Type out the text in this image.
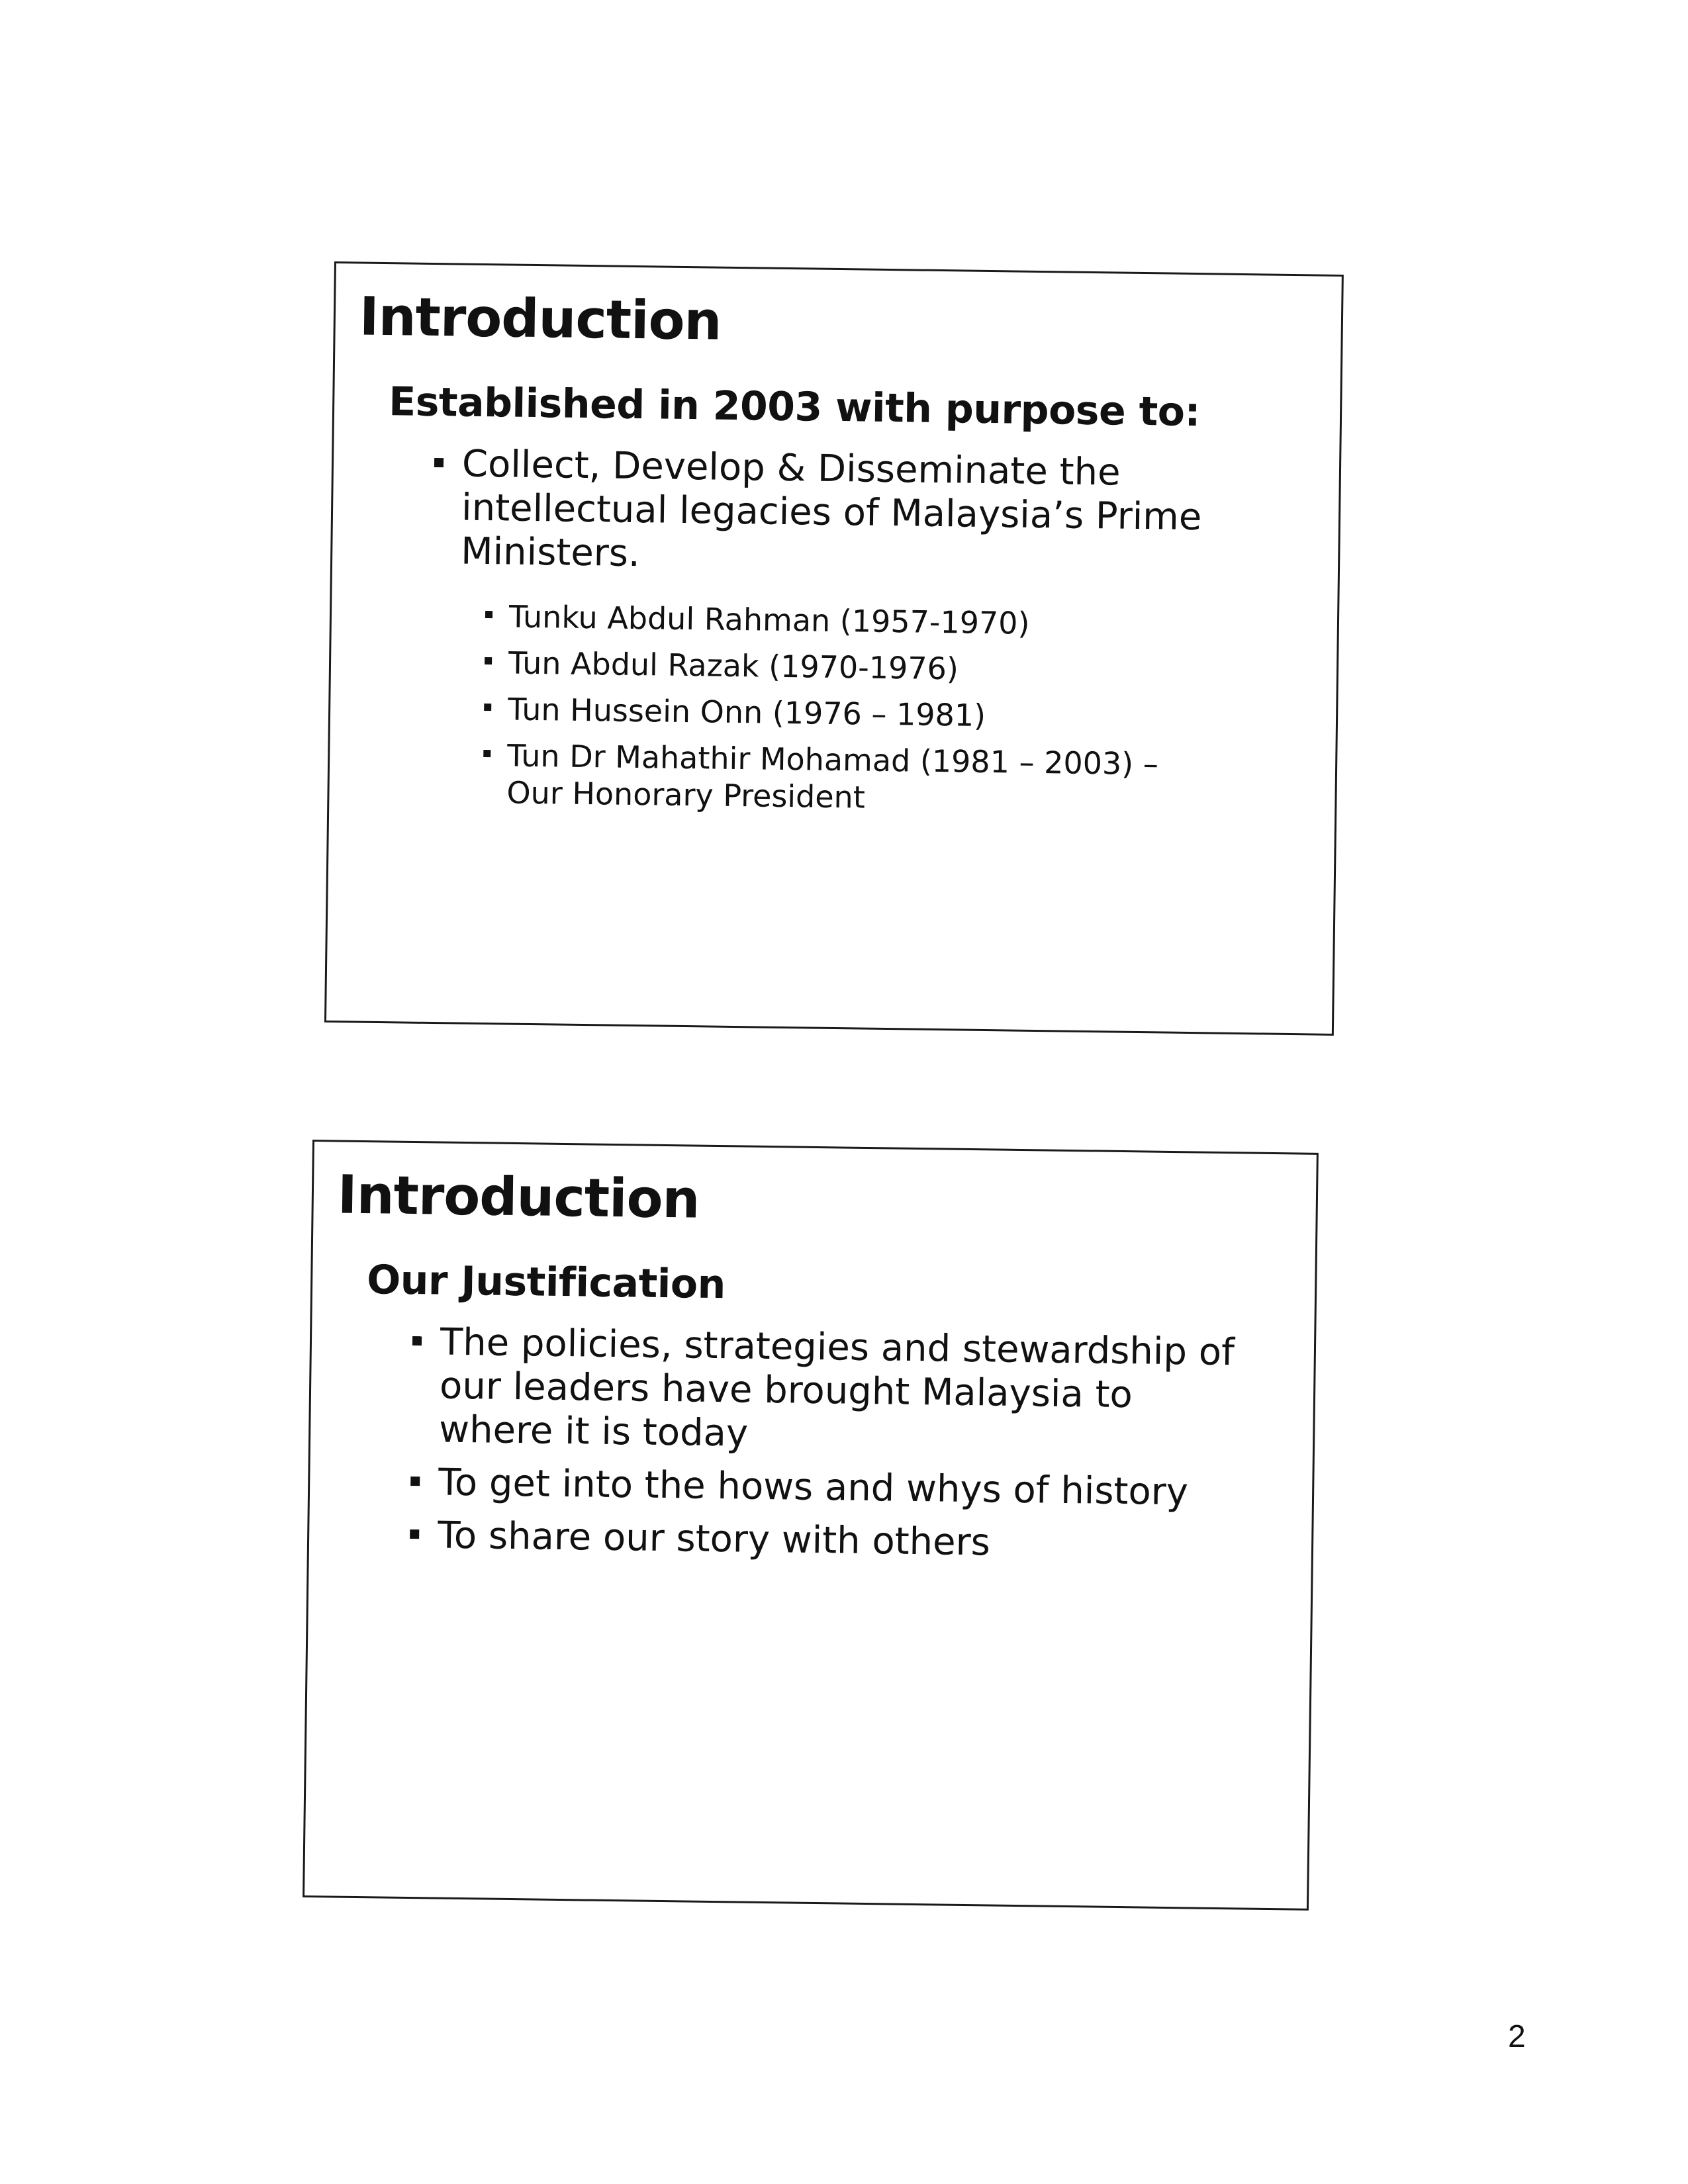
Introduction
Established in 2003 with purpose to:
Collect, Develop & Disseminate the intellectual legacies of Malaysia’s Prime Ministers.
Tunku Abdul Rahman (1957-1970)
Tun Abdul Razak (1970-1976)
Tun Hussein Onn (1976 – 1981)
Tun Dr Mahathir Mohamad (1981 – 2003) – Our Honorary President
Introduction
Our Justification
The policies, strategies and stewardship of our leaders have brought Malaysia to where it is today
To get into the hows and whys of history
To share our story with others
2
